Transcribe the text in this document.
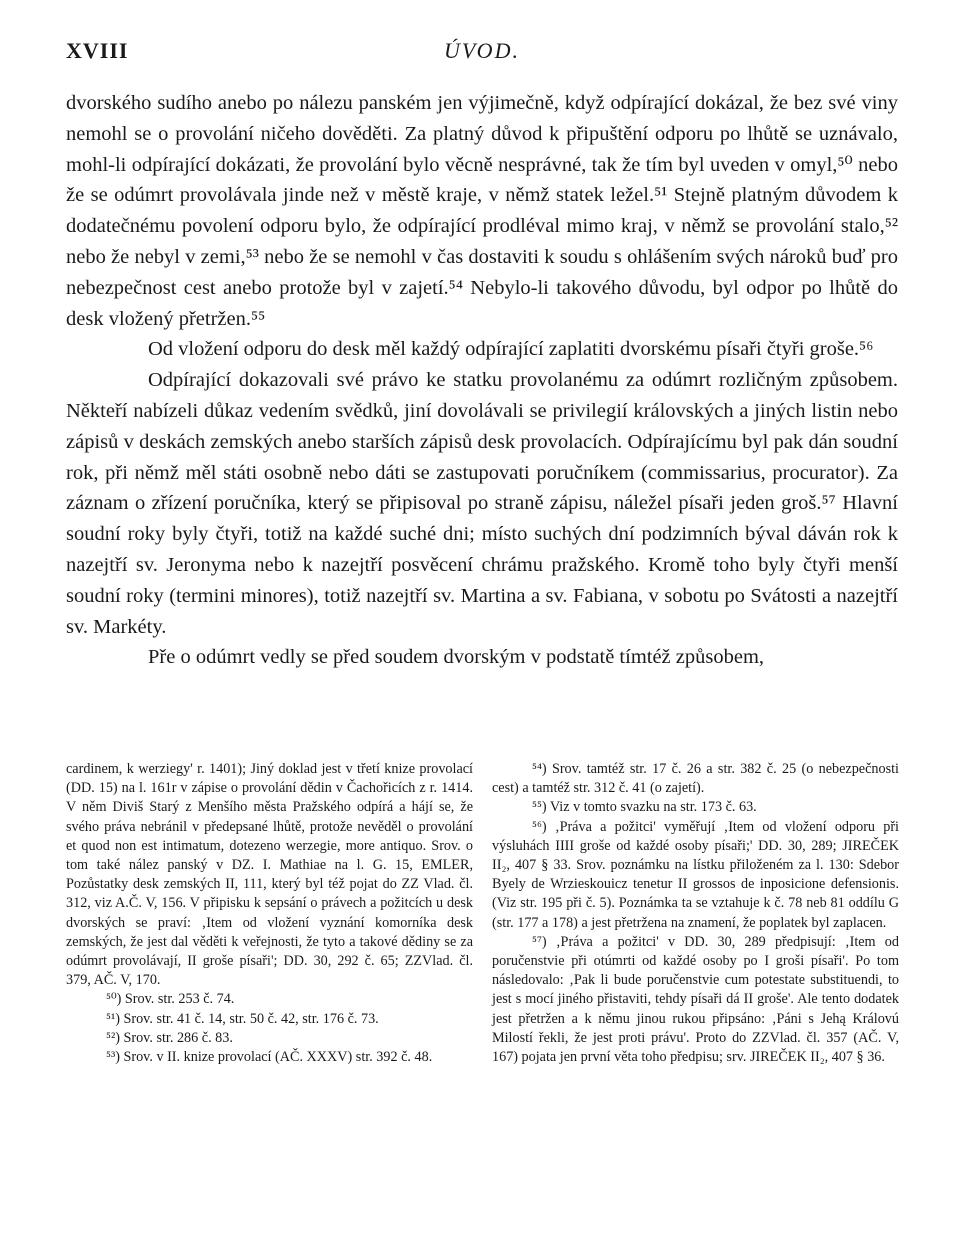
XVIII	ÚVOD.

dvorského sudího anebo po nálezu panském jen výjimečně, když odpírající dokázal, že bez své viny nemohl se o provolání ničeho dověděti. Za platný důvod k připuštění odporu po lhůtě se uznávalo, mohl-li odpírající dokázati, že provolání bylo věcně nesprávné, tak že tím byl uveden v omyl,⁵⁰ nebo že se odúmrt provolávala jinde než v městě kraje, v němž statek ležel.⁵¹ Stejně platným důvodem k dodatečnému povolení odporu bylo, že odpírající prodléval mimo kraj, v němž se provolání stalo,⁵² nebo že nebyl v zemi,⁵³ nebo že se nemohl v čas dostaviti k soudu s ohlášením svých nároků buď pro nebezpečnost cest anebo protože byl v zajetí.⁵⁴ Nebylo-li takového důvodu, byl odpor po lhůtě do desk vložený přetržen.⁵⁵

Od vložení odporu do desk měl každý odpírající zaplatiti dvorskému písaři čtyři groše.⁵⁶

Odpírající dokazovali své právo ke statku provolanému za odúmrt rozličným způsobem. Někteří nabízeli důkaz vedením svědků, jiní dovolávali se privilegií královských a jiných listin nebo zápisů v deskách zemských anebo starších zápisů desk provolacích. Odpírajícímu byl pak dán soudní rok, při němž měl státi osobně nebo dáti se zastupovati poručníkem (commissarius, procurator). Za záznam o zřízení poručníka, který se připisoval po straně zápisu, náležel písaři jeden groš.⁵⁷ Hlavní soudní roky byly čtyři, totiž na každé suché dni; místo suchých dní podzimních býval dáván rok k nazejtří sv. Jeronyma nebo k nazejtří posvěcení chrámu pražského. Kromě toho byly čtyři menší soudní roky (termini minores), totiž nazejtří sv. Martina a sv. Fabiana, v sobotu po Svátosti a nazejtří sv. Markéty.

Pře o odúmrt vedly se před soudem dvorským v podstatě tímtéž způsobem,

cardinem, k werziegy' r. 1401); Jiný doklad jest v třetí knize provolací (DD. 15) na l. 161r v zápise o provolání dědin v Čachořicích z r. 1414. V něm Diviš Starý z Menšího města Pražského odpírá a hájí se, že svého práva nebránil v předepsané lhůtě, protože nevěděl o provolání et quod non est intimatum, dotezeno werzegie, more antiquo. Srov. o tom také nález panský v DZ. I. Mathiae na l. G. 15, EMLER, Pozůstatky desk zemských II, 111, který byl též pojat do ZZ Vlad. čl. 312, viz A.Č. V, 156. V připisku k sepsání o právech a požitcích u desk dvorských se praví: ‚Item od vložení vyznání komorníka desk zemských, že jest dal věděti k veřejnosti, že tyto a takové dědiny se za odúmrt provolávají, II groše písaři'; DD. 30, 292 č. 65; ZZVlad. čl. 379, AČ. V, 170.

⁵⁰) Srov. str. 253 č. 74.

⁵¹) Srov. str. 41 č. 14, str. 50 č. 42, str. 176 č. 73.

⁵²) Srov. str. 286 č. 83.

⁵³) Srov. v II. knize provolací (AČ. XXXV) str. 392 č. 48.

⁵⁴) Srov. tamtéž str. 17 č. 26 a str. 382 č. 25 (o nebezpečnosti cest) a tamtéž str. 312 č. 41 (o zajetí).

⁵⁵) Viz v tomto svazku na str. 173 č. 63.

⁵⁶) ‚Práva a požitci' vyměřují ‚Item od vložení odporu při výsluhách IIII groše od každé osoby písaři;' DD. 30, 289; JIREČEK II₂, 407 § 33. Srov. poznámku na lístku přiloženém za l. 130: Sdebor Byely de Wrzieskouicz tenetur II grossos de inposicione defensionis. (Viz str. 195 při č. 5). Poznámka ta se vztahuje k č. 78 neb 81 oddílu G (str. 177 a 178) a jest přetržena na znamení, že poplatek byl zaplacen.

⁵⁷) ‚Práva a požitci' v DD. 30, 289 předpisují: ‚Item od poručenstvie při otúmrti od každé osoby po I groši písaři'. Po tom následovalo: ‚Pak li bude poručenstvie cum potestate substituendi, to jest s mocí jiného přistaviti, tehdy písaři dá II groše'. Ale tento dodatek jest přetržen a k němu jinou rukou připsáno: ‚Páni s Jehą Královú Milostí řekli, že jest proti právu'. Proto do ZZVlad. čl. 357 (AČ. V, 167) pojata jen první věta toho předpisu; srv. JIREČEK II₂, 407 § 36.
